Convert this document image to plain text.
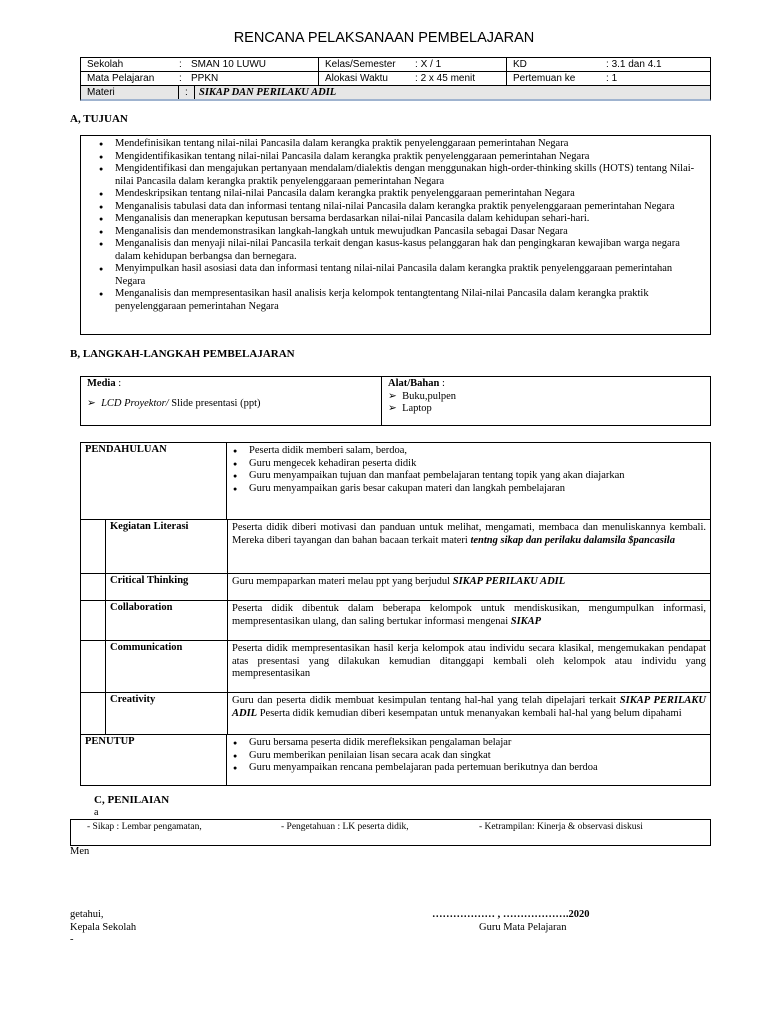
RENCANA PELAKSANAAN PEMBELAJARAN
Sekolah	: SMAN 10 LUWU	Kelas/Semester : X / 1	KD	: 3.1 dan 4.1
Mata Pelajaran	: PPKN	Alokasi Waktu	: 2 x 45 menit	Pertemuan ke	: 1
Materi	:	SIKAP DAN PERILAKU ADIL
A, TUJUAN
● Mendefinisikan tentang nilai-nilai Pancasila dalam kerangka praktik penyelenggaraan pemerintahan Negara
● Mengidentifikasikan tentang nilai-nilai Pancasila dalam kerangka praktik penyelenggaraan pemerintahan Negara
● Mengidentifikasi dan mengajukan pertanyaan mendalam/dialektis dengan menggunakan high-order-thinking skills (HOTS) tentang Nilai-nilai Pancasila dalam kerangka praktik penyelenggaraan pemerintahan Negara
● Mendeskripsikan tentang nilai-nilai Pancasila dalam kerangka praktik penyelenggaraan pemerintahan Negara
● Menganalisis tabulasi data dan informasi tentang nilai-nilai Pancasila dalam kerangka praktik penyelenggaraan pemerintahan Negara
● Menganalisis dan menerapkan keputusan bersama berdasarkan nilai-nilai Pancasila dalam kehidupan sehari-hari.
● Menganalisis dan mendemonstrasikan langkah-langkah untuk mewujudkan Pancasila sebagai Dasar Negara
● Menganalisis dan menyaji nilai-nilai Pancasila terkait dengan kasus-kasus pelanggaran hak dan pengingkaran kewajiban warga negara dalam kehidupan berbangsa dan bernegara.
● Menyimpulkan hasil asosiasi data dan informasi tentang nilai-nilai Pancasila dalam kerangka praktik penyelenggaraan pemerintahan Negara
● Menganalisis dan mempresentasikan hasil analisis kerja kelompok tentangtentang Nilai-nilai Pancasila dalam kerangka praktik penyelenggaraan pemerintahan Negara
B, LANGKAH-LANGKAH PEMBELAJARAN
Media :
➢  LCD Proyektor/ Slide presentasi (ppt)
Alat/Bahan :
➢  Buku,pulpen
➢  Laptop
PENDAHULUAN	● Peserta didik memberi salam, berdoa,
● Guru mengecek kehadiran peserta didik
● Guru menyampaikan tujuan dan manfaat pembelajaran tentang topik yang akan diajarkan
● Guru menyampaikan garis besar cakupan materi dan langkah pembelajaran
Kegiatan Literasi	Peserta didik diberi motivasi dan panduan untuk melihat, mengamati, membaca dan menuliskannya kembali. Mereka diberi tayangan dan bahan bacaan terkait materi tentng sikap dan perilaku dalamsila $pancasila
Critical Thinking	Guru mempaparkan materi melau ppt yang berjudul SIKAP PERILAKU ADIL
Collaboration	Peserta didik dibentuk dalam beberapa kelompok untuk mendiskusikan, mengumpulkan informasi, mempresentasikan ulang, dan saling bertukar informasi mengenai SIKAP
Communication	Peserta didik mempresentasikan hasil kerja kelompok atau individu secara klasikal, mengemukakan pendapat atas presentasi yang dilakukan kemudian ditanggapi kembali oleh kelompok atau individu yang mempresentasikan
Creativity	Guru dan peserta didik membuat kesimpulan tentang hal-hal yang telah dipelajari terkait SIKAP PERILAKU ADIL Peserta didik kemudian diberi kesempatan untuk menanyakan kembali hal-hal yang belum dipahami
PENUTUP	● Guru bersama peserta didik merefleksikan pengalaman belajar
● Guru memberikan penilaian lisan secara acak dan singkat
● Guru menyampaikan rencana pembelajaran pada pertemuan berikutnya dan berdoa
C, PENILAIAN
a
- Sikap : Lembar pengamatan,	- Pengetahuan : LK peserta didik,	- Ketrampilan: Kinerja & observasi diskusi
Men
getahui,
Kepala Sekolah
-
……………… , ……………….2020
Guru Mata Pelajaran
